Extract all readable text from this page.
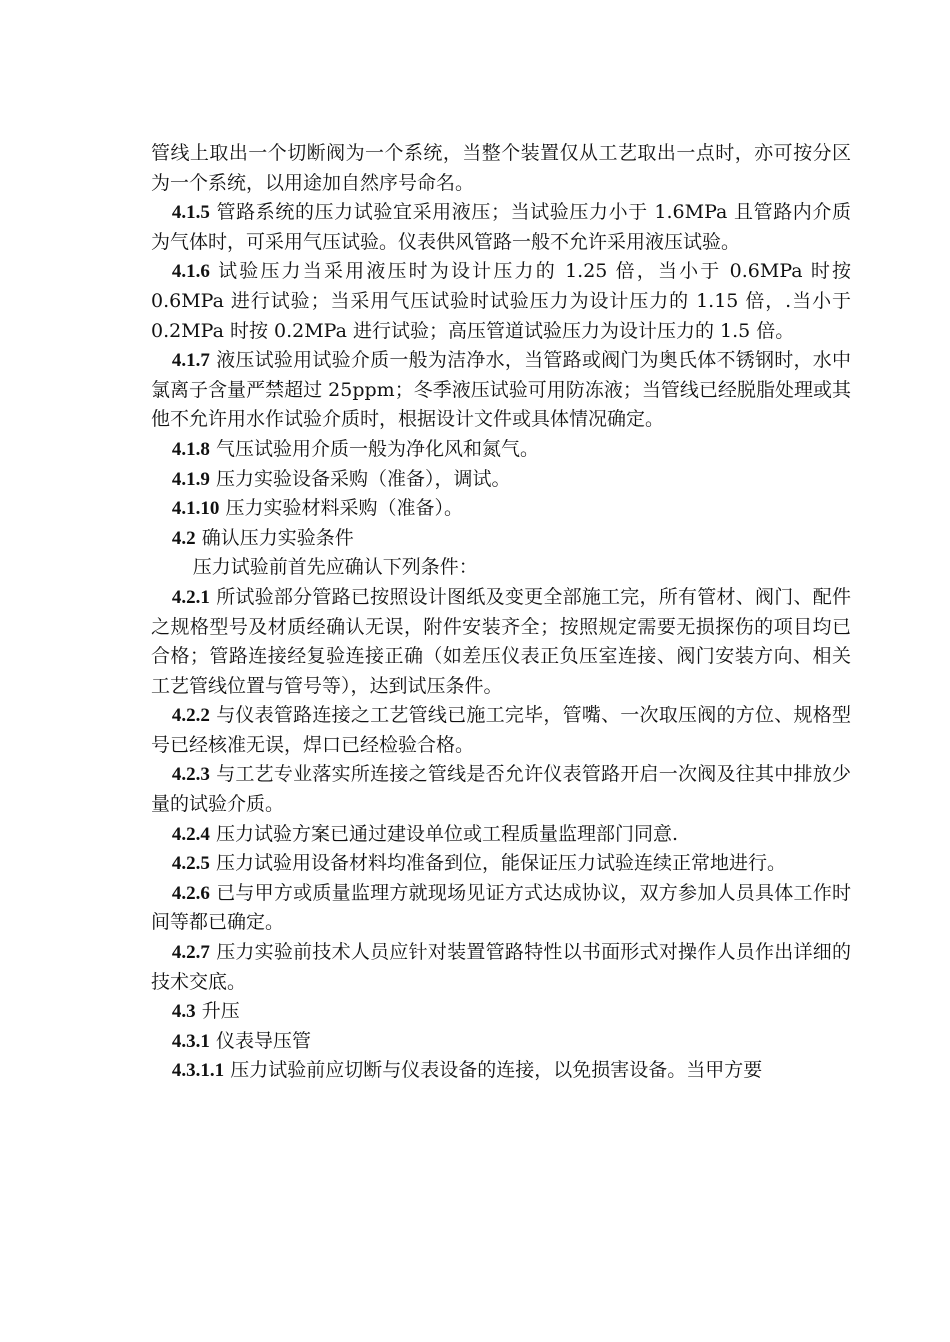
管线上取出一个切断阀为一个系统，当整个装置仅从工艺取出一点时，亦可按分区为一个系统，以用途加自然序号命名。

4.1.5 管路系统的压力试验宜采用液压；当试验压力小于 1.6MPa 且管路内介质为气体时，可采用气压试验。仪表供风管路一般不允许采用液压试验。

4.1.6 试验压力当采用液压时为设计压力的 1.25 倍，当小于 0.6MPa 时按 0.6MPa 进行试验；当采用气压试验时试验压力为设计压力的 1.15 倍，.当小于 0.2MPa 时按 0.2MPa 进行试验；高压管道试验压力为设计压力的 1.5 倍。

4.1.7 液压试验用试验介质一般为洁净水，当管路或阀门为奥氏体不锈钢时，水中氯离子含量严禁超过 25ppm；冬季液压试验可用防冻液；当管线已经脱脂处理或其他不允许用水作试验介质时，根据设计文件或具体情况确定。

4.1.8 气压试验用介质一般为净化风和氮气。

4.1.9 压力实验设备采购（准备），调试。

4.1.10 压力实验材料采购（准备）。

4.2 确认压力实验条件

压力试验前首先应确认下列条件：

4.2.1 所试验部分管路已按照设计图纸及变更全部施工完，所有管材、阀门、配件之规格型号及材质经确认无误，附件安装齐全；按照规定需要无损探伤的项目均已合格；管路连接经复验连接正确（如差压仪表正负压室连接、阀门安装方向、相关工艺管线位置与管号等），达到试压条件。

4.2.2 与仪表管路连接之工艺管线已施工完毕，管嘴、一次取压阀的方位、规格型号已经核准无误，焊口已经检验合格。

4.2.3 与工艺专业落实所连接之管线是否允许仪表管路开启一次阀及往其中排放少量的试验介质。

4.2.4 压力试验方案已通过建设单位或工程质量监理部门同意.

4.2.5 压力试验用设备材料均准备到位，能保证压力试验连续正常地进行。

4.2.6 已与甲方或质量监理方就现场见证方式达成协议，双方参加人员具体工作时间等都已确定。

4.2.7 压力实验前技术人员应针对装置管路特性以书面形式对操作人员作出详细的技术交底。

4.3 升压

4.3.1 仪表导压管

4.3.1.1 压力试验前应切断与仪表设备的连接，以免损害设备。当甲方要
